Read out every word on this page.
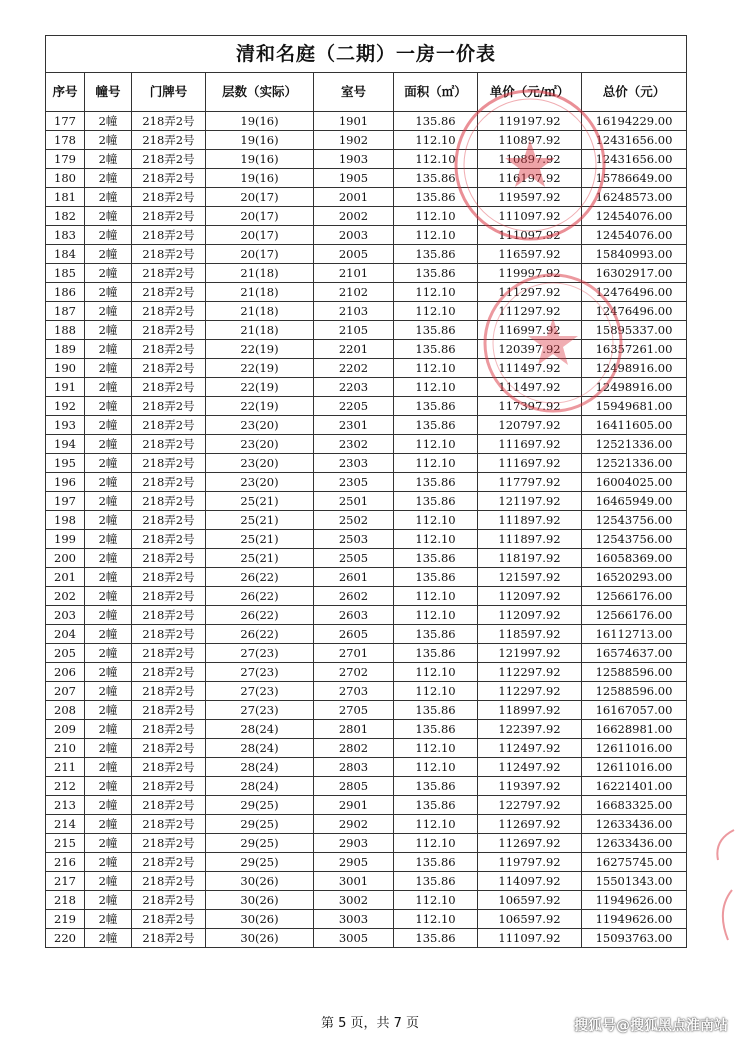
清和名庭（二期）一房一价表							
序号	幢号	门牌号	层数（实际）	室号	面积（㎡）	单价（元/㎡）	总价（元）
177	2幢	218弄2号	19(16)	1901	135.86	119197.92	16194229.00
178	2幢	218弄2号	19(16)	1902	112.10	110897.92	12431656.00
179	2幢	218弄2号	19(16)	1903	112.10	110897.92	12431656.00
180	2幢	218弄2号	19(16)	1905	135.86	116197.92	15786649.00
181	2幢	218弄2号	20(17)	2001	135.86	119597.92	16248573.00
182	2幢	218弄2号	20(17)	2002	112.10	111097.92	12454076.00
183	2幢	218弄2号	20(17)	2003	112.10	111097.92	12454076.00
184	2幢	218弄2号	20(17)	2005	135.86	116597.92	15840993.00
185	2幢	218弄2号	21(18)	2101	135.86	119997.92	16302917.00
186	2幢	218弄2号	21(18)	2102	112.10	111297.92	12476496.00
187	2幢	218弄2号	21(18)	2103	112.10	111297.92	12476496.00
188	2幢	218弄2号	21(18)	2105	135.86	116997.92	15895337.00
189	2幢	218弄2号	22(19)	2201	135.86	120397.92	16357261.00
190	2幢	218弄2号	22(19)	2202	112.10	111497.92	12498916.00
191	2幢	218弄2号	22(19)	2203	112.10	111497.92	12498916.00
192	2幢	218弄2号	22(19)	2205	135.86	117397.92	15949681.00
193	2幢	218弄2号	23(20)	2301	135.86	120797.92	16411605.00
194	2幢	218弄2号	23(20)	2302	112.10	111697.92	12521336.00
195	2幢	218弄2号	23(20)	2303	112.10	111697.92	12521336.00
196	2幢	218弄2号	23(20)	2305	135.86	117797.92	16004025.00
197	2幢	218弄2号	25(21)	2501	135.86	121197.92	16465949.00
198	2幢	218弄2号	25(21)	2502	112.10	111897.92	12543756.00
199	2幢	218弄2号	25(21)	2503	112.10	111897.92	12543756.00
200	2幢	218弄2号	25(21)	2505	135.86	118197.92	16058369.00
201	2幢	218弄2号	26(22)	2601	135.86	121597.92	16520293.00
202	2幢	218弄2号	26(22)	2602	112.10	112097.92	12566176.00
203	2幢	218弄2号	26(22)	2603	112.10	112097.92	12566176.00
204	2幢	218弄2号	26(22)	2605	135.86	118597.92	16112713.00
205	2幢	218弄2号	27(23)	2701	135.86	121997.92	16574637.00
206	2幢	218弄2号	27(23)	2702	112.10	112297.92	12588596.00
207	2幢	218弄2号	27(23)	2703	112.10	112297.92	12588596.00
208	2幢	218弄2号	27(23)	2705	135.86	118997.92	16167057.00
209	2幢	218弄2号	28(24)	2801	135.86	122397.92	16628981.00
210	2幢	218弄2号	28(24)	2802	112.10	112497.92	12611016.00
211	2幢	218弄2号	28(24)	2803	112.10	112497.92	12611016.00
212	2幢	218弄2号	28(24)	2805	135.86	119397.92	16221401.00
213	2幢	218弄2号	29(25)	2901	135.86	122797.92	16683325.00
214	2幢	218弄2号	29(25)	2902	112.10	112697.92	12633436.00
215	2幢	218弄2号	29(25)	2903	112.10	112697.92	12633436.00
216	2幢	218弄2号	29(25)	2905	135.86	119797.92	16275745.00
217	2幢	218弄2号	30(26)	3001	135.86	114097.92	15501343.00
218	2幢	218弄2号	30(26)	3002	112.10	106597.92	11949626.00
219	2幢	218弄2号	30(26)	3003	112.10	106597.92	11949626.00
220	2幢	218弄2号	30(26)	3005	135.86	111097.92	15093763.00
第 5 页，共 7 页	搜狐号@搜狐黑点淮南站
